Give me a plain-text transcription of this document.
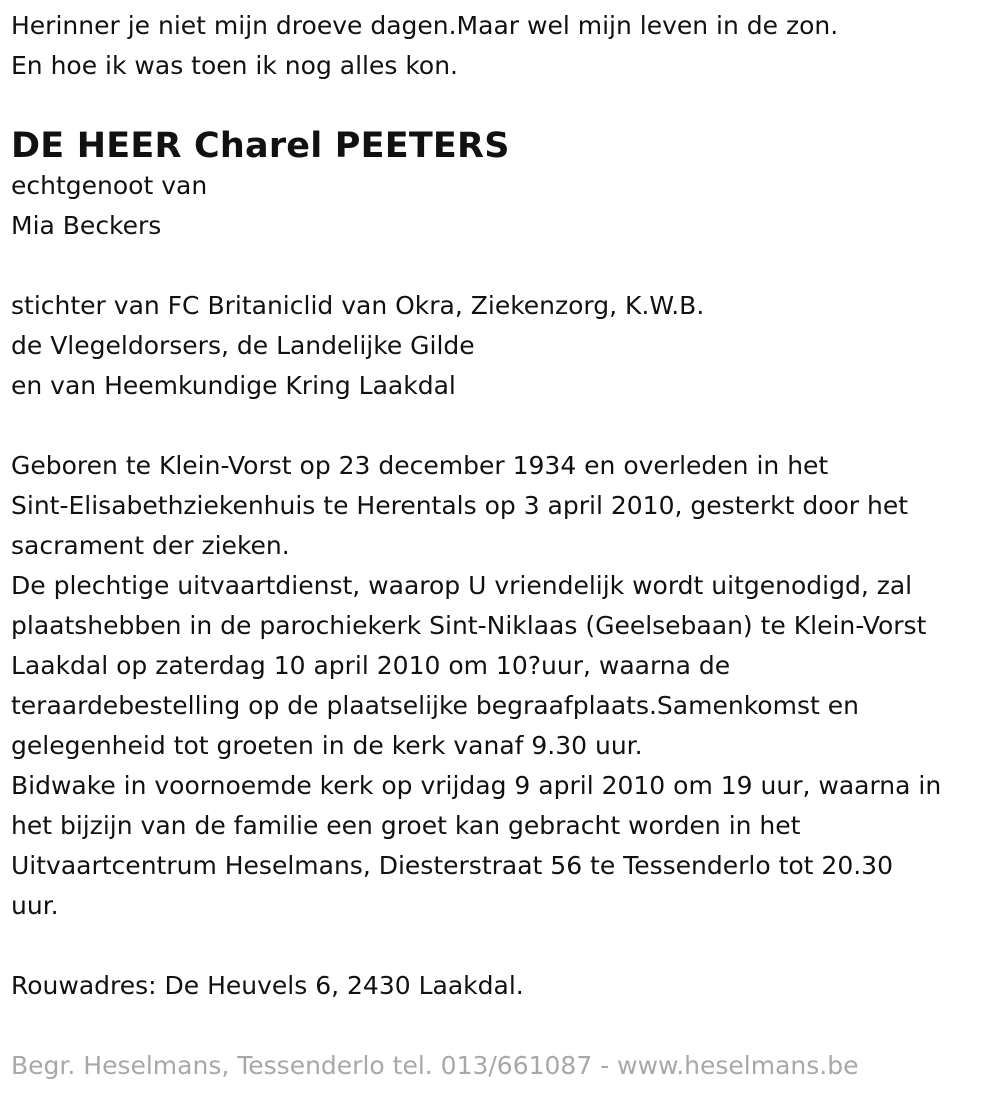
Herinner je niet mijn droeve dagen.Maar wel mijn leven in de zon.
En hoe ik was toen ik nog alles kon.
DE HEER Charel PEETERS
echtgenoot van
Mia Beckers
stichter van FC Britaniclid van Okra, Ziekenzorg, K.W.B.
de Vlegeldorsers, de Landelijke Gilde
en van Heemkundige Kring Laakdal
Geboren te Klein-Vorst op 23 december 1934 en overleden in het
Sint-Elisabethziekenhuis te Herentals op 3 april 2010, gesterkt door het
sacrament der zieken.
De plechtige uitvaartdienst, waarop U vriendelijk wordt uitgenodigd, zal
plaatshebben in de parochiekerk Sint-Niklaas (Geelsebaan) te Klein-Vorst
Laakdal op zaterdag 10 april 2010 om 10?uur, waarna de
teraardebestelling op de plaatselijke begraafplaats.Samenkomst en
gelegenheid tot groeten in de kerk vanaf 9.30 uur.
Bidwake in voornoemde kerk op vrijdag 9 april 2010 om 19 uur, waarna in
het bijzijn van de familie een groet kan gebracht worden in het
Uitvaartcentrum Heselmans, Diesterstraat 56 te Tessenderlo tot 20.30
uur.
Rouwadres: De Heuvels 6, 2430 Laakdal.
Begr. Heselmans, Tessenderlo tel. 013/661087 - www.heselmans.be
